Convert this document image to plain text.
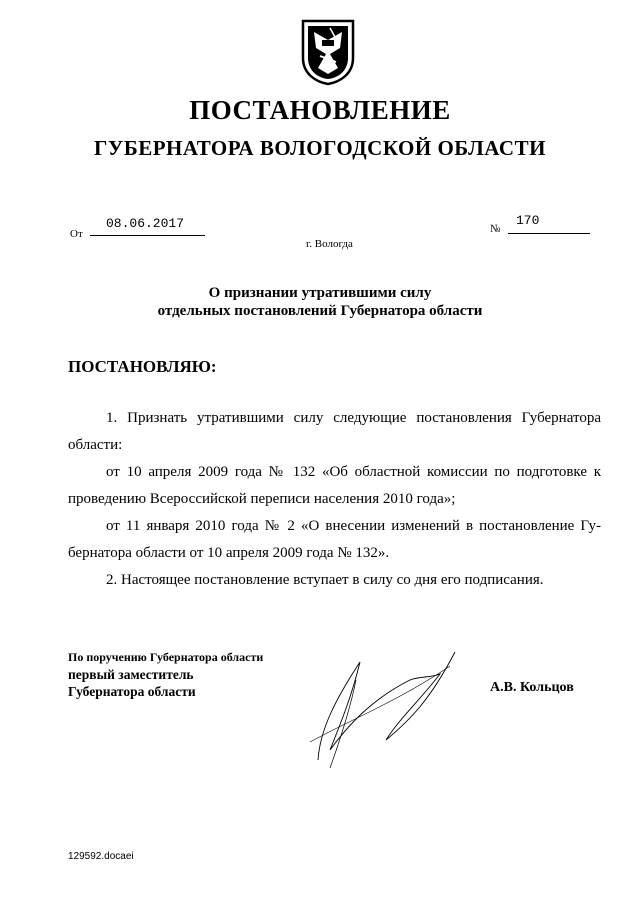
ПОСТАНОВЛЕНИЕ
ГУБЕРНАТОРА ВОЛОГОДСКОЙ ОБЛАСТИ
От
08.06.2017
г. Вологда
№
170
О признании утратившими силу
отдельных постановлений Губернатора области
ПОСТАНОВЛЯЮ:
1. Признать утратившими силу следующие постановления Губернатора
области:
от 10 апреля 2009 года № 132 «Об областной комиссии по подготовке к
проведению Всероссийской переписи населения 2010 года»;
от 11 января 2010 года № 2 «О внесении изменений в постановление Гу-
бернатора области от 10 апреля 2009 года № 132».
2. Настоящее постановление вступает в силу со дня его подписания.
По поручению Губернатора области
первый заместитель
Губернатора области	А.В. Кольцов
129592.docaei
